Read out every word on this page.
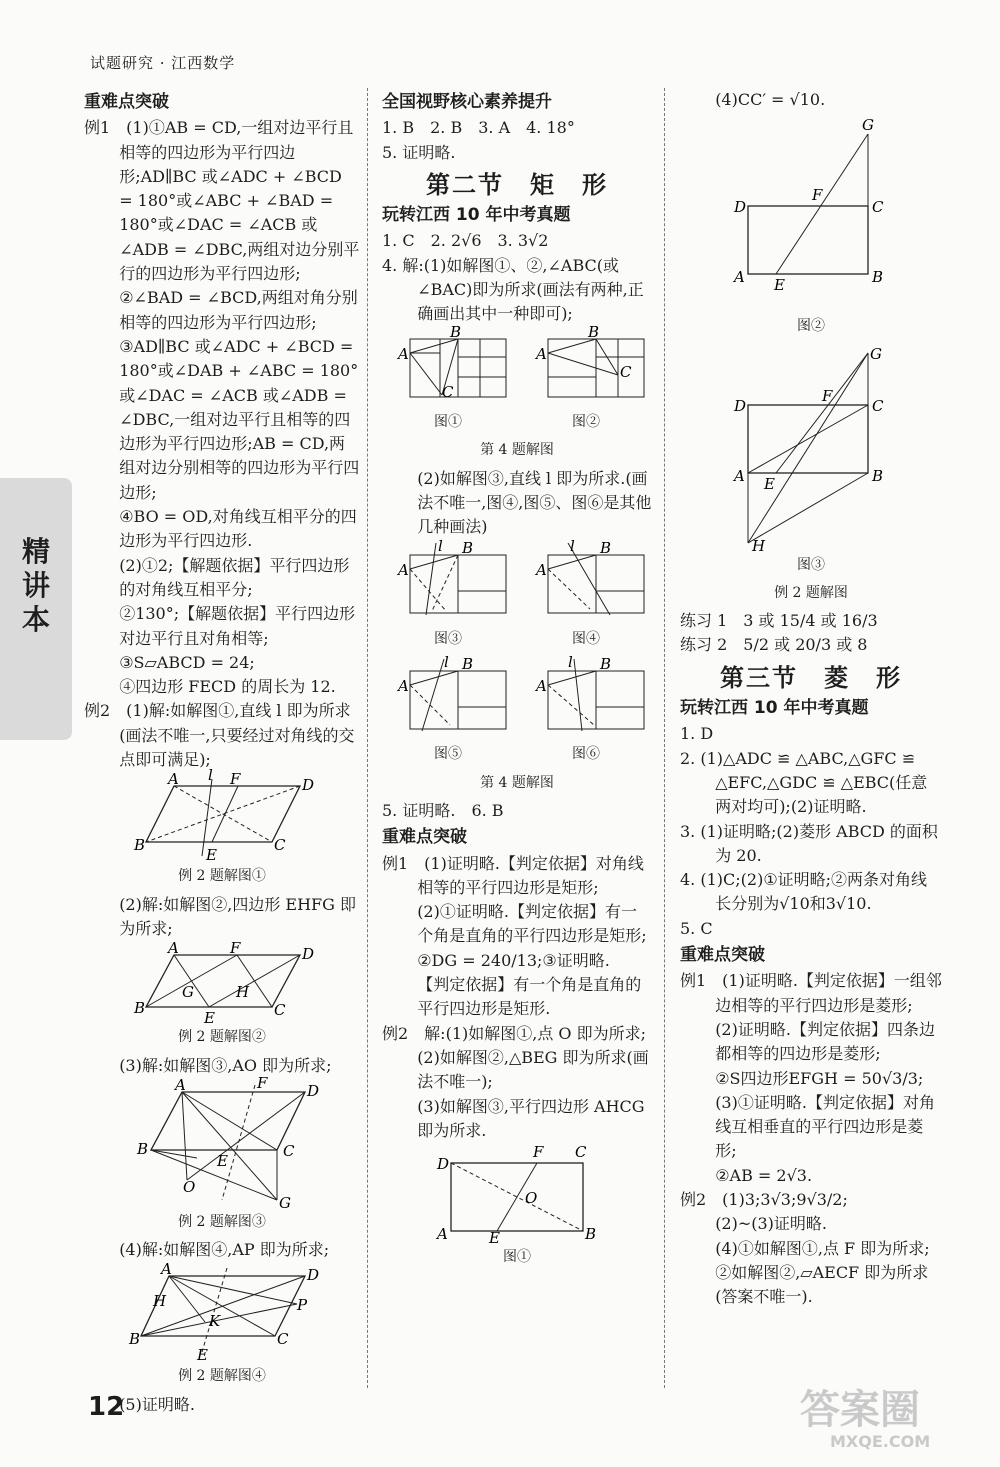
试题研究 · 江西数学
精讲本
重难点突破

例1　(1)①AB = CD,一组对边平行且相等的四边形为平行四边形;AD∥BC 或∠ADC + ∠BCD = 180°或∠ABC + ∠BAD = 180°或∠DAC = ∠ACB 或∠ADB = ∠DBC,两组对边分别平行的四边形为平行四边形;

②∠BAD = ∠BCD,两组对角分别相等的四边形为平行四边形;

③AD∥BC 或∠ADC + ∠BCD = 180°或∠DAB + ∠ABC = 180°或∠DAC = ∠ACB 或∠ADB = ∠DBC,一组对边平行且相等的四边形为平行四边形;AB = CD,两组对边分别相等的四边形为平行四边形;

④BO = OD,对角线互相平分的四边形为平行四边形.

(2)①2;【解题依据】平行四边形的对角线互相平分;

②130°;【解题依据】平行四边形对边平行且对角相等;

③S▱ABCD = 24;

④四边形 FECD 的周长为 12.

例2　(1)解:如解图①,直线 l 即为所求(画法不唯一,只要经过对角线的交点即可满足);

A l F	D
B	C
E
例 2 题解图①

(2)解:如解图②,四边形 EHFG 即为所求;

A	F	D
B	C
E
G	H
例 2 题解图②

(3)解:如解图③,AO 即为所求;

A	F	D
B	C
E
O
G
例 2 题解图③

(4)解:如解图④,AP 即为所求;

A	D
P
B	C
H
K
E
例 2 题解图④

(5)证明略.

全国视野核心素养提升

1. B　2. B　3. A　4. 18°

5. 证明略.

第二节　矩　形
玩转江西 10 年中考真题

1. C　2. 2√6　3. 3√2

4. 解:(1)如解图①、②,∠ABC(或∠BAC)即为所求(画法有两种,正确画出其中一种即可);

A
B
C
图①
A
B
C
图②
第 4 题解图

(2)如解图③,直线 l 即为所求.(画法不唯一,图④,图⑤、图⑥是其他几种画法)

A
l B
图③
A
l B
图④
A
l B
图⑤
A
l B
图⑥
第 4 题解图

5. 证明略.　6. B

重难点突破

例1　(1)证明略.【判定依据】对角线相等的平行四边形是矩形;

(2)①证明略.【判定依据】有一个角是直角的平行四边形是矩形;

②DG = 240/13;③证明略.

【判定依据】有一个角是直角的平行四边形是矩形.

例2　解:(1)如解图①,点 O 即为所求;

(2)如解图②,△BEG 即为所求(画法不唯一);

(3)如解图③,平行四边形 AHCG 即为所求.

D
F C
O
A	E	B
图①

(4)CC′ = √10.

D	C
G
F
A E	B
图②
D	C
G
F
A E	B
H
图③
例 2 题解图

练习 1　3 或 15/4 或 16/3

练习 2　5/2 或 20/3 或 8

第三节　菱　形
玩转江西 10 年中考真题

1. D

2. (1)△ADC ≌ △ABC,△GFC ≌ △EFC,△GDC ≌ △EBC(任意两对均可);(2)证明略.

3. (1)证明略;(2)菱形 ABCD 的面积为 20.

4. (1)C;(2)①证明略;②两条对角线长分别为√10和3√10.

5. C

重难点突破

例1　(1)证明略.【判定依据】一组邻边相等的平行四边形是菱形;

(2)证明略.【判定依据】四条边都相等的四边形是菱形;

②S四边形EFGH = 50√3/3;

(3)①证明略.【判定依据】对角线互相垂直的平行四边形是菱形;

②AB = 2√3.

例2　(1)3;3√3;9√3/2;

(2)~(3)证明略.

(4)①如解图①,点 F 即为所求;

②如解图②,▱AECF 即为所求(答案不唯一).

12	答案圈
MXQE.COM
